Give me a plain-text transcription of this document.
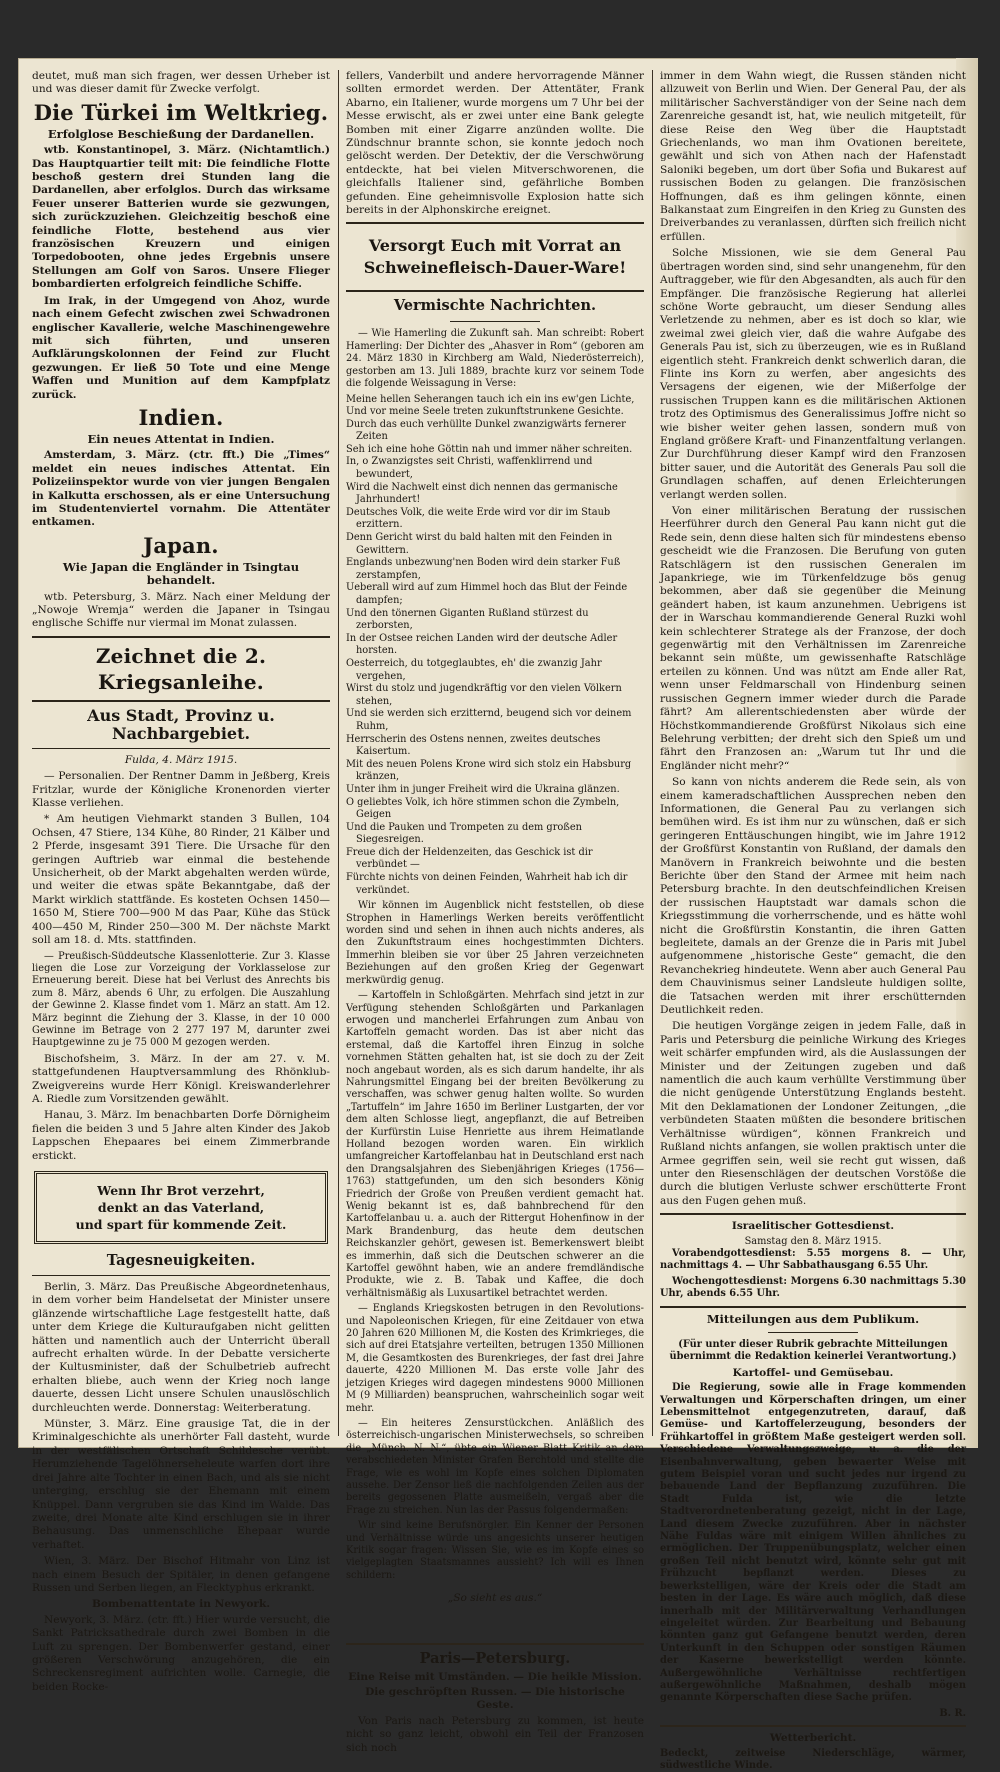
deutet, muß man sich fragen, wer dessen Urheber ist und was dieser damit für Zwecke verfolgt.

Die Türkei im Weltkrieg.
Erfolglose Beschießung der Dardanellen.

wtb. Konstantinopel, 3. März. (Nichtamtlich.) Das Hauptquartier teilt mit: Die feindliche Flotte beschoß gestern drei Stunden lang die Dardanellen, aber erfolglos. Durch das wirksame Feuer unserer Batterien wurde sie gezwungen, sich zurückzuziehen. Gleichzeitig beschoß eine feindliche Flotte, bestehend aus vier französischen Kreuzern und einigen Torpedobooten, ohne jedes Ergebnis unsere Stellungen am Golf von Saros. Unsere Flieger bombardierten erfolgreich feindliche Schiffe.

Im Irak, in der Umgegend von Ahoz, wurde nach einem Gefecht zwischen zwei Schwadronen englischer Kavallerie, welche Maschinengewehre mit sich führten, und unseren Aufklärungskolonnen der Feind zur Flucht gezwungen. Er ließ 50 Tote und eine Menge Waffen und Munition auf dem Kampfplatz zurück.

Indien.
Ein neues Attentat in Indien.

Amsterdam, 3. März. (ctr. fft.) Die „Times“ meldet ein neues indisches Attentat. Ein Polizeiinspektor wurde von vier jungen Bengalen in Kalkutta erschossen, als er eine Untersuchung im Studentenviertel vornahm. Die Attentäter entkamen.

Japan.
Wie Japan die Engländer in Tsingtau behandelt.

wtb. Petersburg, 3. März. Nach einer Meldung der „Nowoje Wremja“ werden die Japaner in Tsingau englische Schiffe nur viermal im Monat zulassen.

Zeichnet die 2. Kriegsanleihe.
Aus Stadt, Provinz u. Nachbargebiet.
Fulda, 4. März 1915.

— Personalien. Der Rentner Damm in Jeßberg, Kreis Fritzlar, wurde der Königliche Kronenorden vierter Klasse verliehen.

* Am heutigen Viehmarkt standen 3 Bullen, 104 Ochsen, 47 Stiere, 134 Kühe, 80 Rinder, 21 Kälber und 2 Pferde, insgesamt 391 Tiere. Die Ursache für den geringen Auftrieb war einmal die bestehende Unsicherheit, ob der Markt abgehalten werden würde, und weiter die etwas späte Bekanntgabe, daß der Markt wirklich stattfände. Es kosteten Ochsen 1450—1650 M, Stiere 700—900 M das Paar, Kühe das Stück 400—450 M, Rinder 250—300 M. Der nächste Markt soll am 18. d. Mts. stattfinden.

— Preußisch-Süddeutsche Klassenlotterie. Zur 3. Klasse liegen die Lose zur Vorzeigung der Vorklasselose zur Erneuerung bereit. Diese hat bei Verlust des Anrechts bis zum 8. März, abends 6 Uhr, zu erfolgen. Die Auszahlung der Gewinne 2. Klasse findet vom 1. März an statt. Am 12. März beginnt die Ziehung der 3. Klasse, in der 10 000 Gewinne im Betrage von 2 277 197 M, darunter zwei Hauptgewinne zu je 75 000 M gezogen werden.

Bischofsheim, 3. März. In der am 27. v. M. stattgefundenen Hauptversammlung des Rhönklub-Zweigvereins wurde Herr Königl. Kreiswanderlehrer A. Riedle zum Vorsitzenden gewählt.

Hanau, 3. März. Im benachbarten Dorfe Dörnigheim fielen die beiden 3 und 5 Jahre alten Kinder des Jakob Lappschen Ehepaares bei einem Zimmerbrande erstickt.

Wenn Ihr Brot verzehrt,
denkt an das Vaterland,
und spart für kommende Zeit.
Tagesneuigkeiten.

Berlin, 3. März. Das Preußische Abgeordnetenhaus, in dem vorher beim Handelsetat der Minister unsere glänzende wirtschaftliche Lage festgestellt hatte, daß unter dem Kriege die Kulturaufgaben nicht gelitten hätten und namentlich auch der Unterricht überall aufrecht erhalten würde. In der Debatte versicherte der Kultusminister, daß der Schulbetrieb aufrecht erhalten bliebe, auch wenn der Krieg noch lange dauerte, dessen Licht unsere Schulen unauslöschlich durchleuchten werde. Donnerstag: Weiterberatung.

Münster, 3. März. Eine grausige Tat, die in der Kriminalgeschichte als unerhörter Fall dasteht, wurde in der westfälischen Ortschaft Schildesche verübt. Herumziehende Tagelöhnerseheleute warfen dort ihre drei Jahre alte Tochter in einen Bach, und als sie nicht unterging, erschlug sie der Ehemann mit einem Knüppel. Dann vergruben sie das Kind im Walde. Das zweite, drei Monate alte Kind erschlugen sie in ihrer Behausung. Das unmenschliche Ehepaar wurde verhaftet.

Wien, 3. März. Der Bischof Hitmahr von Linz ist nach einem Besuch der Spitäler, in denen gefangene Russen und Serben liegen, an Flecktyphus erkrankt.

Bombenattentate in Newyork.

Newyork, 3. März. (ctr. fft.) Hier wurde versucht, die Sankt Patricksathedrale durch zwei Bomben in die Luft zu sprengen. Der Bombenwerfer gestand, einer größeren Verschwörung anzugehören, die ein Schreckensregiment aufrichten wolle. Carnegie, die beiden Rocke-

fellers, Vanderbilt und andere hervorragende Männer sollten ermordet werden. Der Attentäter, Frank Abarno, ein Italiener, wurde morgens um 7 Uhr bei der Messe erwischt, als er zwei unter eine Bank gelegte Bomben mit einer Zigarre anzünden wollte. Die Zündschnur brannte schon, sie konnte jedoch noch gelöscht werden. Der Detektiv, der die Verschwörung entdeckte, hat bei vielen Mitverschworenen, die gleichfalls Italiener sind, gefährliche Bomben gefunden. Eine geheimnisvolle Explosion hatte sich bereits in der Alphonskirche ereignet.

Versorgt Euch mit Vorrat an
Schweinefleisch-Dauer-Ware!
Vermischte Nachrichten.

— Wie Hamerling die Zukunft sah. Man schreibt: Robert Hamerling: Der Dichter des „Ahasver in Rom“ (geboren am 24. März 1830 in Kirchberg am Wald, Niederösterreich), gestorben am 13. Juli 1889, brachte kurz vor seinem Tode die folgende Weissagung in Verse:

Meine hellen Seherangen tauch ich ein ins ew'gen Lichte,
Und vor meine Seele treten zukunftstrunkene Gesichte.
Durch das euch verhüllte Dunkel zwanzigwärts fernerer Zeiten
Seh ich eine hohe Göttin nah und immer näher schreiten.
In, o Zwanzigstes seit Christi, waffenklirrend und bewundert,
Wird die Nachwelt einst dich nennen das germanische Jahrhundert!
Deutsches Volk, die weite Erde wird vor dir im Staub erzittern.
Denn Gericht wirst du bald halten mit den Feinden in Gewittern.
Englands unbezwung'nen Boden wird dein starker Fuß zerstampfen,
Ueberall wird auf zum Himmel hoch das Blut der Feinde dampfen;
Und den tönernen Giganten Rußland stürzest du zerborsten,
In der Ostsee reichen Landen wird der deutsche Adler horsten.
Oesterreich, du totgeglaubtes, eh' die zwanzig Jahr vergehen,
Wirst du stolz und jugendkräftig vor den vielen Völkern stehen,
Und sie werden sich erzitternd, beugend sich vor deinem Ruhm,
Herrscherin des Ostens nennen, zweites deutsches Kaisertum.
Mit des neuen Polens Krone wird sich stolz ein Habsburg kränzen,
Unter ihm in junger Freiheit wird die Ukraina glänzen.
O geliebtes Volk, ich höre stimmen schon die Zymbeln, Geigen
Und die Pauken und Trompeten zu dem großen Siegesreigen.
Freue dich der Heldenzeiten, das Geschick ist dir verbündet —
Fürchte nichts von deinen Feinden, Wahrheit hab ich dir verkündet.

Wir können im Augenblick nicht feststellen, ob diese Strophen in Hamerlings Werken bereits veröffentlicht worden sind und sehen in ihnen auch nichts anderes, als den Zukunftstraum eines hochgestimmten Dichters. Immerhin bleiben sie vor über 25 Jahren verzeichneten Beziehungen auf den großen Krieg der Gegenwart merkwürdig genug.

— Kartoffeln in Schloßgärten. Mehrfach sind jetzt in zur Verfügung stehenden Schloßgärten und Parkanlagen erwogen und mancherlei Erfahrungen zum Anbau von Kartoffeln gemacht worden. Das ist aber nicht das erstemal, daß die Kartoffel ihren Einzug in solche vornehmen Stätten gehalten hat, ist sie doch zu der Zeit noch angebaut worden, als es sich darum handelte, ihr als Nahrungsmittel Eingang bei der breiten Bevölkerung zu verschaffen, was schwer genug halten wollte. So wurden „Tartuffeln“ im Jahre 1650 im Berliner Lustgarten, der vor dem alten Schlosse liegt, angepflanzt, die auf Betreiben der Kurfürstin Luise Henriette aus ihrem Heimatlande Holland bezogen worden waren. Ein wirklich umfangreicher Kartoffelanbau hat in Deutschland erst nach den Drangsalsjahren des Siebenjährigen Krieges (1756—1763) stattgefunden, um den sich besonders König Friedrich der Große von Preußen verdient gemacht hat. Wenig bekannt ist es, daß bahnbrechend für den Kartoffelanbau u. a. auch der Rittergut Hohenfinow in der Mark Brandenburg, das heute dem deutschen Reichskanzler gehört, gewesen ist. Bemerkenswert bleibt es immerhin, daß sich die Deutschen schwerer an die Kartoffel gewöhnt haben, wie an andere fremdländische Produkte, wie z. B. Tabak und Kaffee, die doch verhältnismäßig als Luxusartikel betrachtet werden.

— Englands Kriegskosten betrugen in den Revolutions- und Napoleonischen Kriegen, für eine Zeitdauer von etwa 20 Jahren 620 Millionen M, die Kosten des Krimkrieges, die sich auf drei Etatsjahre verteilten, betrugen 1350 Millionen M, die Gesamtkosten des Burenkrieges, der fast drei Jahre dauerte, 4220 Millionen M. Das erste volle Jahr des jetzigen Krieges wird dagegen mindestens 9000 Millionen M (9 Milliarden) beanspruchen, wahrscheinlich sogar weit mehr.

— Ein heiteres Zensurstückchen. Anläßlich des österreichisch-ungarischen Ministerwechsels, so schreiben die „Münch. N. N.“, übte ein Wiener Blatt Kritik an dem verabschiedeten Minister Grafen Berchtold und stellte die Frage, wie es wohl im Kopfe eines solchen Diplomaten aussehe. Der Zensor ließ die nachfolgenden Zeilen aus der bereits gegossenen Platte ausmeißeln, vergaß aber die Frage zu streichen. Nun las der Passus folgendermaßen:

Wir sind keine Berufsnörgler. Ein Kenner der Personen und Verhältnisse würde uns angesichts unserer heutigen Kritik sogar fragen: Wissen Sie, wie es im Kopfe eines so vielgeplagten Staatsmannes aussieht? Ich will es Ihnen schildern:

„So sieht es aus.“
Paris—Petersburg.
Eine Reise mit Umständen. — Die heikle Mission.
Die geschröpften Russen. — Die historische Geste.

Von Paris nach Petersburg zu kommen, ist heute nicht so ganz leicht, obwohl ein Teil der Franzosen sich noch

immer in dem Wahn wiegt, die Russen ständen nicht allzuweit von Berlin und Wien. Der General Pau, der als militärischer Sachverständiger von der Seine nach dem Zarenreiche gesandt ist, hat, wie neulich mitgeteilt, für diese Reise den Weg über die Hauptstadt Griechenlands, wo man ihm Ovationen bereitete, gewählt und sich von Athen nach der Hafenstadt Saloniki begeben, um dort über Sofia und Bukarest auf russischen Boden zu gelangen. Die französischen Hoffnungen, daß es ihm gelingen könnte, einen Balkanstaat zum Eingreifen in den Krieg zu Gunsten des Dreiverbandes zu veranlassen, dürften sich freilich nicht erfüllen.

Solche Missionen, wie sie dem General Pau übertragen worden sind, sind sehr unangenehm, für den Auftraggeber, wie für den Abgesandten, als auch für den Empfänger. Die französische Regierung hat allerlei schöne Worte gebraucht, um dieser Sendung alles Verletzende zu nehmen, aber es ist doch so klar, wie zweimal zwei gleich vier, daß die wahre Aufgabe des Generals Pau ist, sich zu überzeugen, wie es in Rußland eigentlich steht. Frankreich denkt schwerlich daran, die Flinte ins Korn zu werfen, aber angesichts des Versagens der eigenen, wie der Mißerfolge der russischen Truppen kann es die militärischen Aktionen trotz des Optimismus des Generalissimus Joffre nicht so wie bisher weiter gehen lassen, sondern muß von England größere Kraft- und Finanzentfaltung verlangen. Zur Durchführung dieser Kampf wird den Franzosen bitter sauer, und die Autorität des Generals Pau soll die Grundlagen schaffen, auf denen Erleichterungen verlangt werden sollen.

Von einer militärischen Beratung der russischen Heerführer durch den General Pau kann nicht gut die Rede sein, denn diese halten sich für mindestens ebenso gescheidt wie die Franzosen. Die Berufung von guten Ratschlägern ist den russischen Generalen im Japankriege, wie im Türkenfeldzuge bös genug bekommen, aber daß sie gegenüber die Meinung geändert haben, ist kaum anzunehmen. Uebrigens ist der in Warschau kommandierende General Ruzki wohl kein schlechterer Stratege als der Franzose, der doch gegenwärtig mit den Verhältnissen im Zarenreiche bekannt sein müßte, um gewissenhafte Ratschläge erteilen zu können. Und was nützt am Ende aller Rat, wenn unser Feldmarschall von Hindenburg seinen russischen Gegnern immer wieder durch die Parade fährt? Am allerentschiedensten aber würde der Höchstkommandierende Großfürst Nikolaus sich eine Belehrung verbitten; der dreht sich den Spieß um und fährt den Franzosen an: „Warum tut Ihr und die Engländer nicht mehr?“

So kann von nichts anderem die Rede sein, als von einem kameradschaftlichen Aussprechen neben den Informationen, die General Pau zu verlangen sich bemühen wird. Es ist ihm nur zu wünschen, daß er sich geringeren Enttäuschungen hingibt, wie im Jahre 1912 der Großfürst Konstantin von Rußland, der damals den Manövern in Frankreich beiwohnte und die besten Berichte über den Stand der Armee mit heim nach Petersburg brachte. In den deutschfeindlichen Kreisen der russischen Hauptstadt war damals schon die Kriegsstimmung die vorherrschende, und es hätte wohl nicht die Großfürstin Konstantin, die ihren Gatten begleitete, damals an der Grenze die in Paris mit Jubel aufgenommene „historische Geste“ gemacht, die den Revanchekrieg hindeutete. Wenn aber auch General Pau dem Chauvinismus seiner Landsleute huldigen sollte, die Tatsachen werden mit ihrer erschütternden Deutlichkeit reden.

Die heutigen Vorgänge zeigen in jedem Falle, daß in Paris und Petersburg die peinliche Wirkung des Krieges weit schärfer empfunden wird, als die Auslassungen der Minister und der Zeitungen zugeben und daß namentlich die auch kaum verhüllte Verstimmung über die nicht genügende Unterstützung Englands besteht. Mit den Deklamationen der Londoner Zeitungen, „die verbündeten Staaten müßten die besondere britischen Verhältnisse würdigen“, können Frankreich und Rußland nichts anfangen, sie wollen praktisch unter die Armee gegriffen sein, weil sie recht gut wissen, daß unter den Riesenschlägen der deutschen Vorstöße die durch die blutigen Verluste schwer erschütterte Front aus den Fugen gehen muß.

Israelitischer Gottesdienst.
Samstag den 8. März 1915.

Vorabendgottesdienst: 5.55 morgens 8. — Uhr, nachmittags 4. — Uhr Sabbathausgang 6.55 Uhr.

Wochengottesdienst: Morgens 6.30 nachmittags 5.30 Uhr, abends 6.55 Uhr.

Mitteilungen aus dem Publikum.

(Für unter dieser Rubrik gebrachte Mitteilungen übernimmt die Redaktion keinerlei Verantwortung.)

Kartoffel- und Gemüsebau.

Die Regierung, sowie alle in Frage kommenden Verwaltungen und Körperschaften dringen, um einer Lebensmittelnot entgegenzutreten, darauf, daß Gemüse- und Kartoffelerzeugung, besonders der Frühkartoffel in größtem Maße gesteigert werden soll. Verschiedene Verwaltungszweige, u. a. die der Eisenbahnverwaltung, geben bewaerter Weise mit gutem Beispiel voran und sucht jedes nur irgend zu bebauende Land der Bepflanzung zuzuführen. Die Stadt Fulda ist, wie die letzte Stadtverordnetenberatung gezeigt, nicht in der Lage, Land diesem Zwecke zuzuführen. Aber in nächster Nähe Fuldas wäre mit einigem Willen ähnliches zu ermöglichen. Der Truppenübungsplatz, welcher einen großen Teil nicht benutzt wird, könnte sehr gut mit Frühzucht bepflanzt werden. Dieses zu bewerkstelligen, wäre der Kreis oder die Stadt am besten in der Lage. Es wäre auch möglich, daß diese innerhalb mit der Militärverwaltung Verhandlungen eingeleitet würden. Zur Bearbeitung und Bebauung könnten ganz gut Gefangene benutzt werden, deren Unterkunft in den Schuppen oder sonstigen Räumen der Kaserne bewerkstelligt werden könnte. Außergewöhnliche Verhältnisse rechtfertigen außergewöhnliche Maßnahmen, deshalb mögen genannte Körperschaften diese Sache prüfen.

B. R.
Wetterbericht.

Bedeckt, zeitweise Niederschläge, wärmer, südwestliche Winde.
